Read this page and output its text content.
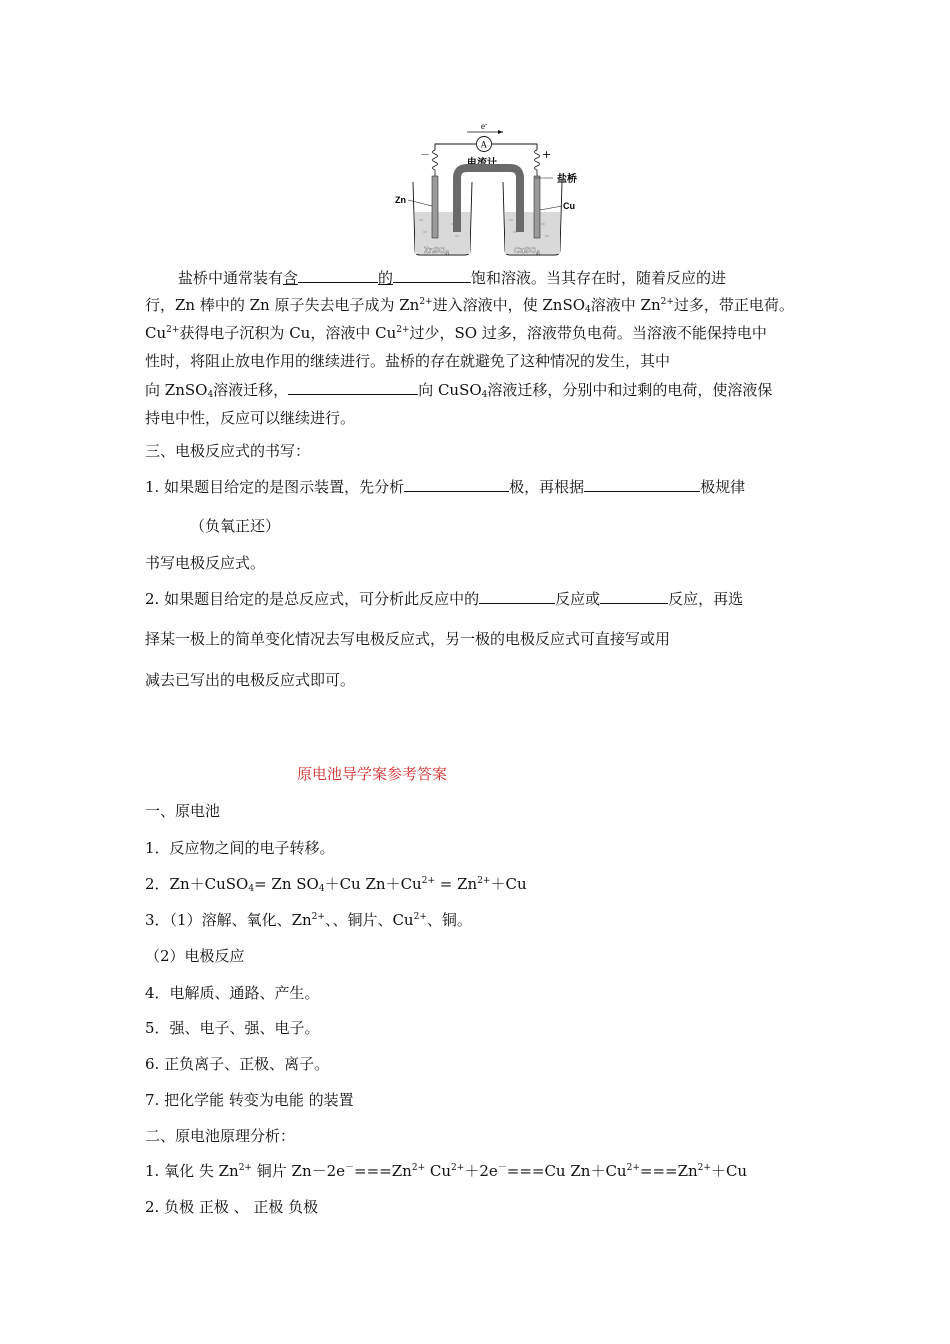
e-
A
电流计
－	+
盐桥
Zn
Cu
ZnSO$_4$	CuSO$_4$
盐桥中通常装有含	的	饱和溶液。当其存在时，随着反应的进
行，Zn 棒中的 Zn 原子失去电子成为 $Zn^{2+}$进入溶液中，使 ZnSO$_4$溶液中 $Zn^{2+}$过多，带正电荷。
$Cu^{2+}$获得电子沉积为 Cu，溶液中 $Cu^{2+}$过少，SO 过多，溶液带负电荷。当溶液不能保持电中
性时，将阻止放电作用的继续进行。盐桥的存在就避免了这种情况的发生，其中
向 ZnSO$_4$溶液迁移，	向 CuSO$_4$溶液迁移，分别中和过剩的电荷，使溶液保
持电中性，反应可以继续进行。
三、电极反应式的书写：
1. 如果题目给定的是图示装置，先分析	极，再根据	极规律
（负氧正还）
书写电极反应式。
2. 如果题目给定的是总反应式，可分析此反应中的	反应或	反应，再选
择某一极上的简单变化情况去写电极反应式，另一极的电极反应式可直接写或用
减去已写出的电极反应式即可。
原电池导学案参考答案
一、原电池
1．反应物之间的电子转移。
2．Zn＋CuSO$_4$= Zn $SO_4+Cu$ $Zn+Cu^{2+} = Zn^{2+}+Cu$
3．（1）溶解、氧化、$Zn^{2+}$、、铜片、$Cu^{2+}$、铜。
（2）电极反应
4．电解质、通路、产生。
5．强、电子、强、电子。
6. 正负离子、正极、离子。
7. 把化学能 转变为电能 的装置
二、原电池原理分析：
1. 氧化 失 $Zn^{2+}$ 铜片 $Zn-2e^-===Zn^{2+}$ $Cu^{2+}+2e^-===Cu$ $Zn+Cu^{2+}===Zn^{2+}+Cu$
2. 负极 正极 、 正极 负极
